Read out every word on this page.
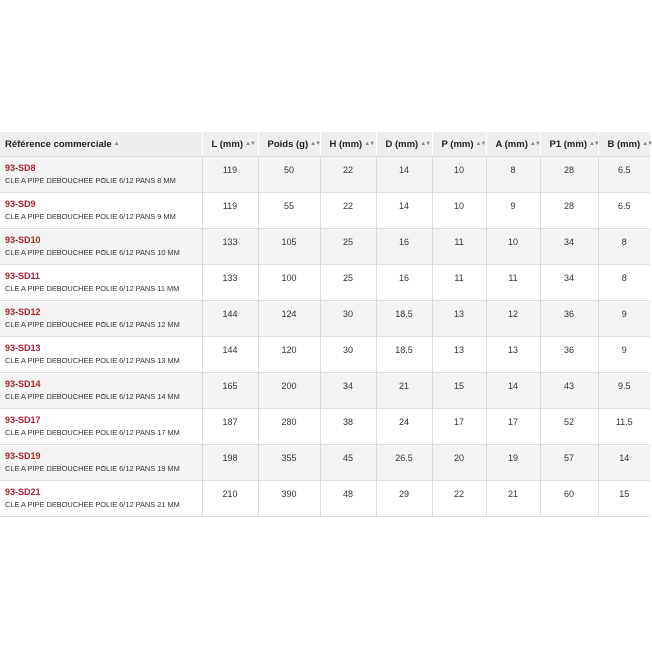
Référence commerciale ▲	L (mm) ▲▼	Poids (g) ▲▼	H (mm) ▲▼	D (mm) ▲▼	P (mm) ▲▼	A (mm) ▲▼	P1 (mm) ▲▼	B (mm) ▲▼

93-SD8
CLE A PIPE DEBOUCHEE POLIE 6/12 PANS 8 MM	119	50	22	14	10	8	28	6.5

93-SD9
CLE A PIPE DEBOUCHEE POLIE 6/12 PANS 9 MM	119	55	22	14	10	9	28	6.5

93-SD10
CLE A PIPE DEBOUCHEE POLIE 6/12 PANS 10 MM	133	105	25	16	11	10	34	8

93-SD11
CLE A PIPE DEBOUCHEE POLIE 6/12 PANS 11 MM	133	100	25	16	11	11	34	8

93-SD12
CLE A PIPE DEBOUCHEE POLIE 6/12 PANS 12 MM	144	124	30	18.5	13	12	36	9

93-SD13
CLE A PIPE DEBOUCHEE POLIE 6/12 PANS 13 MM	144	120	30	18.5	13	13	36	9

93-SD14
CLE A PIPE DEBOUCHEE POLIE 6/12 PANS 14 MM	165	200	34	21	15	14	43	9.5

93-SD17
CLE A PIPE DEBOUCHEE POLIE 6/12 PANS 17 MM	187	280	38	24	17	17	52	11.5

93-SD19
CLE A PIPE DEBOUCHEE POLIE 6/12 PANS 19 MM	198	355	45	26.5	20	19	57	14

93-SD21
CLE A PIPE DEBOUCHEE POLIE 6/12 PANS 21 MM	210	390	48	29	22	21	60	15
